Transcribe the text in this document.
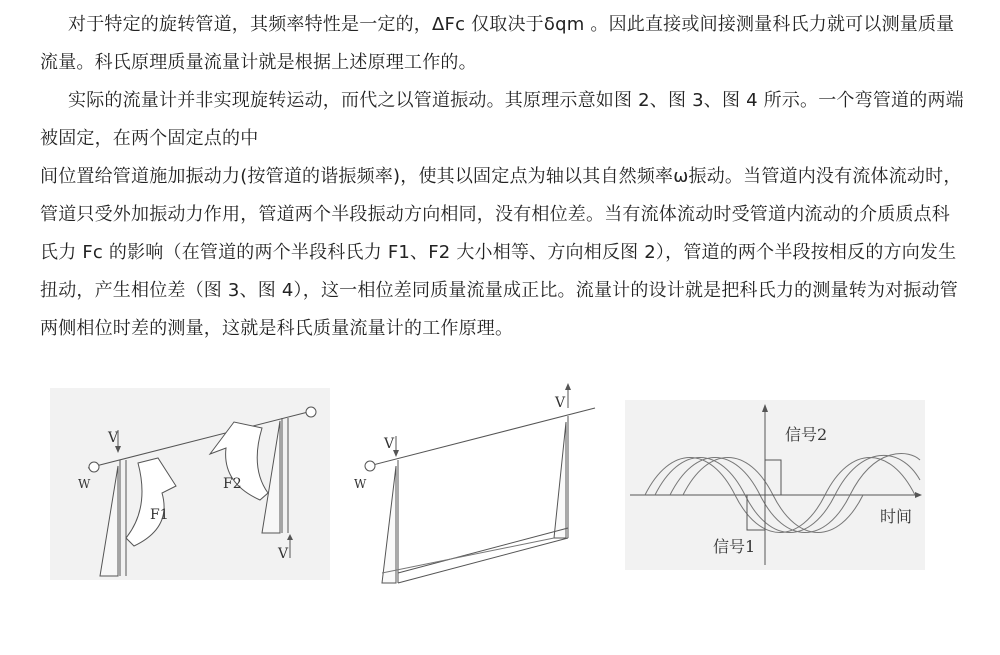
对于特定的旋转管道，其频率特性是一定的，ΔFc 仅取决于δqm 。因此直接或间接测量科氏力就可以测量质量流量。科氏原理质量流量计就是根据上述原理工作的。

实际的流量计并非实现旋转运动，而代之以管道振动。其原理示意如图 2、图 3、图 4 所示。一个弯管道的两端被固定，在两个固定点的中

间位置给管道施加振动力(按管道的谐振频率)，使其以固定点为轴以其自然频率ω振动。当管道内没有流体流动时，管道只受外加振动力作用，管道两个半段振动方向相同，没有相位差。当有流体流动时受管道内流动的介质质点科氏力 Fc 的影响（在管道的两个半段科氏力 F1、F2 大小相等、方向相反图 2），管道的两个半段按相反的方向发生扭动，产生相位差（图 3、图 4），这一相位差同质量流量成正比。流量计的设计就是把科氏力的测量转为对振动管两侧相位时差的测量，这就是科氏质量流量计的工作原理。

V
V
W
F1
F2
V
V
W
信号2
信号1
时间
